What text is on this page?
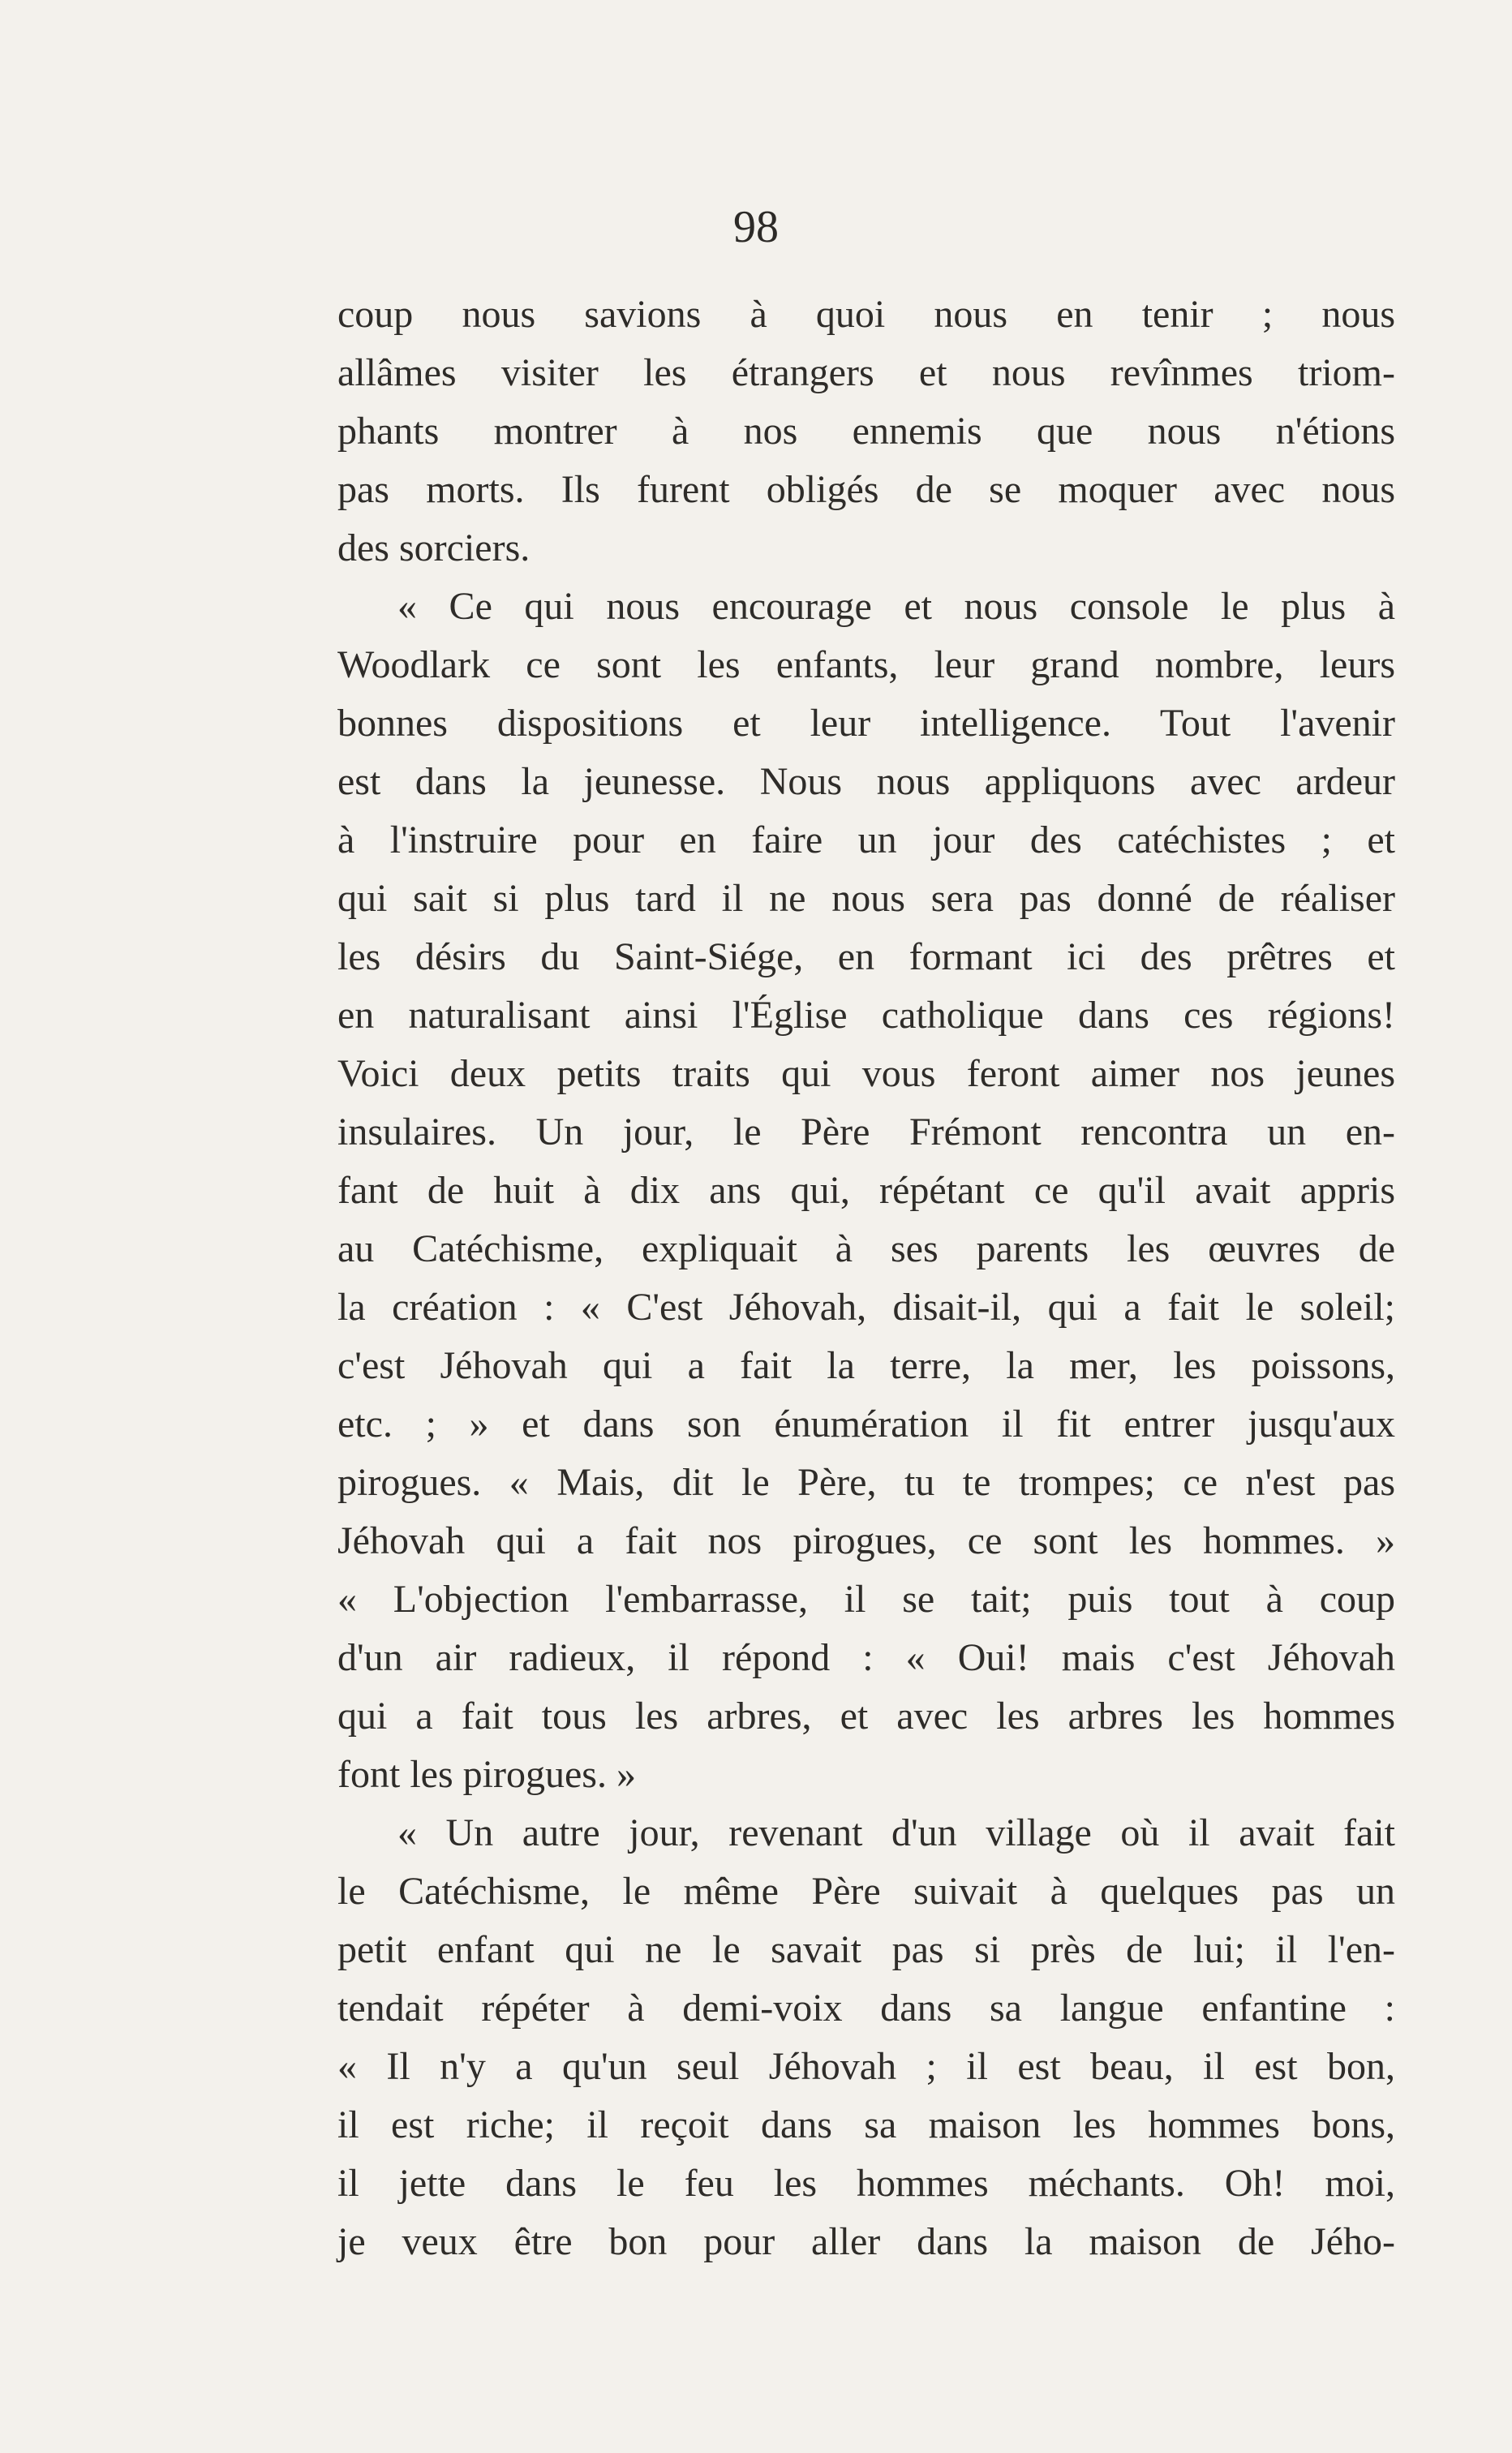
98
coup nous savions à quoi nous en tenir ; nous
allâmes visiter les étrangers et nous revînmes triom-
phants montrer à nos ennemis que nous n'étions
pas morts. Ils furent obligés de se moquer avec nous
des sorciers.
« Ce qui nous encourage et nous console le plus à
Woodlark ce sont les enfants, leur grand nombre, leurs
bonnes dispositions et leur intelligence. Tout l'avenir
est dans la jeunesse. Nous nous appliquons avec ardeur
à l'instruire pour en faire un jour des catéchistes ; et
qui sait si plus tard il ne nous sera pas donné de réaliser
les désirs du Saint-Siége, en formant ici des prêtres et
en naturalisant ainsi l'Église catholique dans ces régions!
Voici deux petits traits qui vous feront aimer nos jeunes
insulaires. Un jour, le Père Frémont rencontra un en-
fant de huit à dix ans qui, répétant ce qu'il avait appris
au Catéchisme, expliquait à ses parents les œuvres de
la création : « C'est Jéhovah, disait-il, qui a fait le soleil;
c'est Jéhovah qui a fait la terre, la mer, les poissons,
etc. ; » et dans son énumération il fit entrer jusqu'aux
pirogues. « Mais, dit le Père, tu te trompes; ce n'est pas
Jéhovah qui a fait nos pirogues, ce sont les hommes. »
« L'objection l'embarrasse, il se tait; puis tout à coup
d'un air radieux, il répond : « Oui! mais c'est Jéhovah
qui a fait tous les arbres, et avec les arbres les hommes
font les pirogues. »
« Un autre jour, revenant d'un village où il avait fait
le Catéchisme, le même Père suivait à quelques pas un
petit enfant qui ne le savait pas si près de lui; il l'en-
tendait répéter à demi-voix dans sa langue enfantine :
« Il n'y a qu'un seul Jéhovah ; il est beau, il est bon,
il est riche; il reçoit dans sa maison les hommes bons,
il jette dans le feu les hommes méchants. Oh! moi,
je veux être bon pour aller dans la maison de Jého-
